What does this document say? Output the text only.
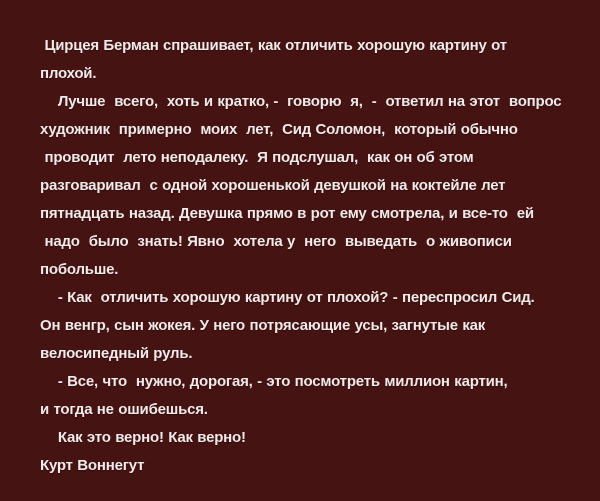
Цирцея Берман спрашивает, как отличить хорошую картину от
плохой.
Лучше  всего,  хоть и кратко, -  говорю  я,  -  ответил на этот  вопрос
художник  примерно  моих  лет,  Сид Соломон,  который обычно
проводит  лето неподалеку.  Я подслушал,  как он об этом
разговаривал  с одной хорошенькой девушкой на коктейле лет
пятнадцать назад. Девушка прямо в рот ему смотрела, и все-то  ей
надо  было  знать! Явно  хотела у  него  выведать  о живописи
побольше.
- Как  отличить хорошую картину от плохой? - переспросил Сид.
Он венгр, сын жокея. У него потрясающие усы, загнутые как
велосипедный руль.
- Все, что  нужно, дорогая, - это посмотреть миллион картин,
и тогда не ошибешься.
Как это верно! Как верно!
Курт Воннегут
